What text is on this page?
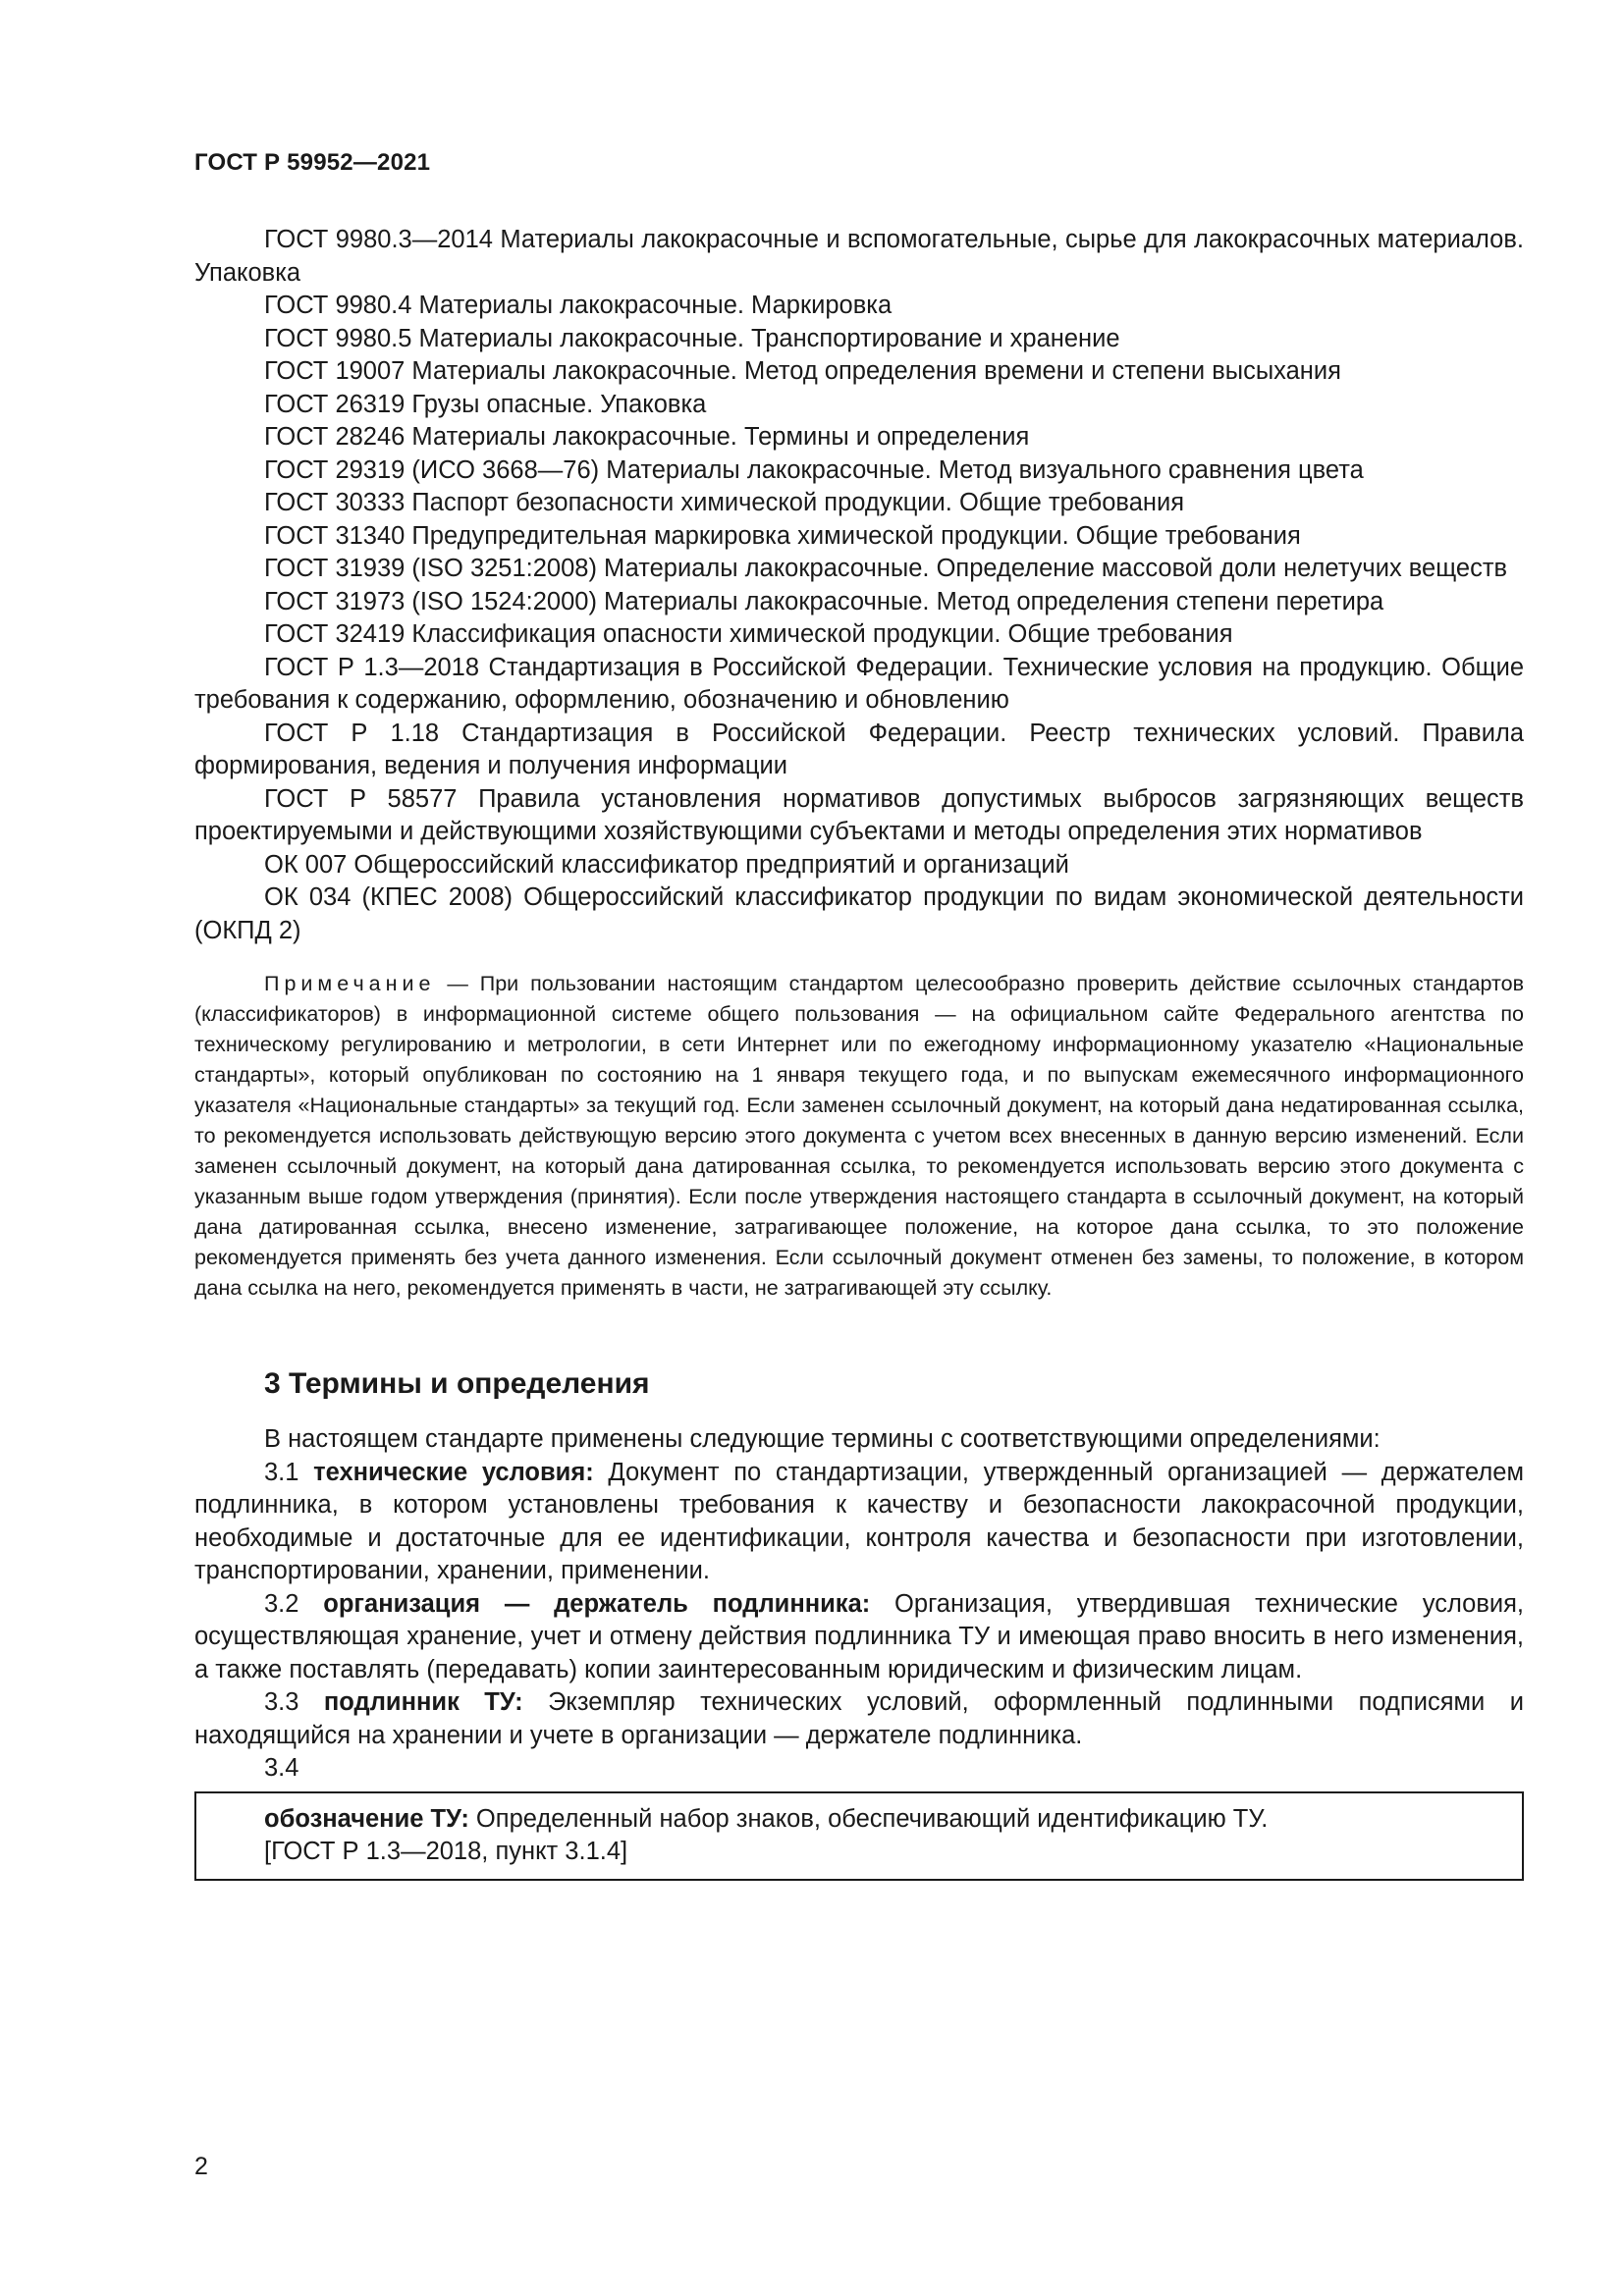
ГОСТ Р 59952—2021

ГОСТ 9980.3—2014 Материалы лакокрасочные и вспомогательные, сырье для лакокрасочных материалов. Упаковка

ГОСТ 9980.4 Материалы лакокрасочные. Маркировка

ГОСТ 9980.5 Материалы лакокрасочные. Транспортирование и хранение

ГОСТ 19007 Материалы лакокрасочные. Метод определения времени и степени высыхания

ГОСТ 26319 Грузы опасные. Упаковка

ГОСТ 28246 Материалы лакокрасочные. Термины и определения

ГОСТ 29319 (ИСО 3668—76) Материалы лакокрасочные. Метод визуального сравнения цвета

ГОСТ 30333 Паспорт безопасности химической продукции. Общие требования

ГОСТ 31340 Предупредительная маркировка химической продукции. Общие требования

ГОСТ 31939 (ISO 3251:2008) Материалы лакокрасочные. Определение массовой доли нелетучих веществ

ГОСТ 31973 (ISO 1524:2000) Материалы лакокрасочные. Метод определения степени перетира

ГОСТ 32419 Классификация опасности химической продукции. Общие требования

ГОСТ Р 1.3—2018 Стандартизация в Российской Федерации. Технические условия на продукцию. Общие требования к содержанию, оформлению, обозначению и обновлению

ГОСТ Р 1.18 Стандартизация в Российской Федерации. Реестр технических условий. Правила формирования, ведения и получения информации

ГОСТ Р 58577 Правила установления нормативов допустимых выбросов загрязняющих веществ проектируемыми и действующими хозяйствующими субъектами и методы определения этих нормативов

ОК 007 Общероссийский классификатор предприятий и организаций

ОК 034 (КПЕС 2008) Общероссийский классификатор продукции по видам экономической деятельности (ОКПД 2)

Примечание — При пользовании настоящим стандартом целесообразно проверить действие ссылочных стандартов (классификаторов) в информационной системе общего пользования — на официальном сайте Федерального агентства по техническому регулированию и метрологии, в сети Интернет или по ежегодному информационному указателю «Национальные стандарты», который опубликован по состоянию на 1 января текущего года, и по выпускам ежемесячного информационного указателя «Национальные стандарты» за текущий год. Если заменен ссылочный документ, на который дана недатированная ссылка, то рекомендуется использовать действующую версию этого документа с учетом всех внесенных в данную версию изменений. Если заменен ссылочный документ, на который дана датированная ссылка, то рекомендуется использовать версию этого документа с указанным выше годом утверждения (принятия). Если после утверждения настоящего стандарта в ссылочный документ, на который дана датированная ссылка, внесено изменение, затрагивающее положение, на которое дана ссылка, то это положение рекомендуется применять без учета данного изменения. Если ссылочный документ отменен без замены, то положение, в котором дана ссылка на него, рекомендуется применять в части, не затрагивающей эту ссылку.

3 Термины и определения

В настоящем стандарте применены следующие термины с соответствующими определениями:

3.1 технические условия: Документ по стандартизации, утвержденный организацией — держателем подлинника, в котором установлены требования к качеству и безопасности лакокрасочной продукции, необходимые и достаточные для ее идентификации, контроля качества и безопасности при изготовлении, транспортировании, хранении, применении.

3.2 организация — держатель подлинника: Организация, утвердившая технические условия, осуществляющая хранение, учет и отмену действия подлинника ТУ и имеющая право вносить в него изменения, а также поставлять (передавать) копии заинтересованным юридическим и физическим лицам.

3.3 подлинник ТУ: Экземпляр технических условий, оформленный подлинными подписями и находящийся на хранении и учете в организации — держателе подлинника.

3.4

обозначение ТУ: Определенный набор знаков, обеспечивающий идентификацию ТУ.

[ГОСТ Р 1.3—2018, пункт 3.1.4]

2
